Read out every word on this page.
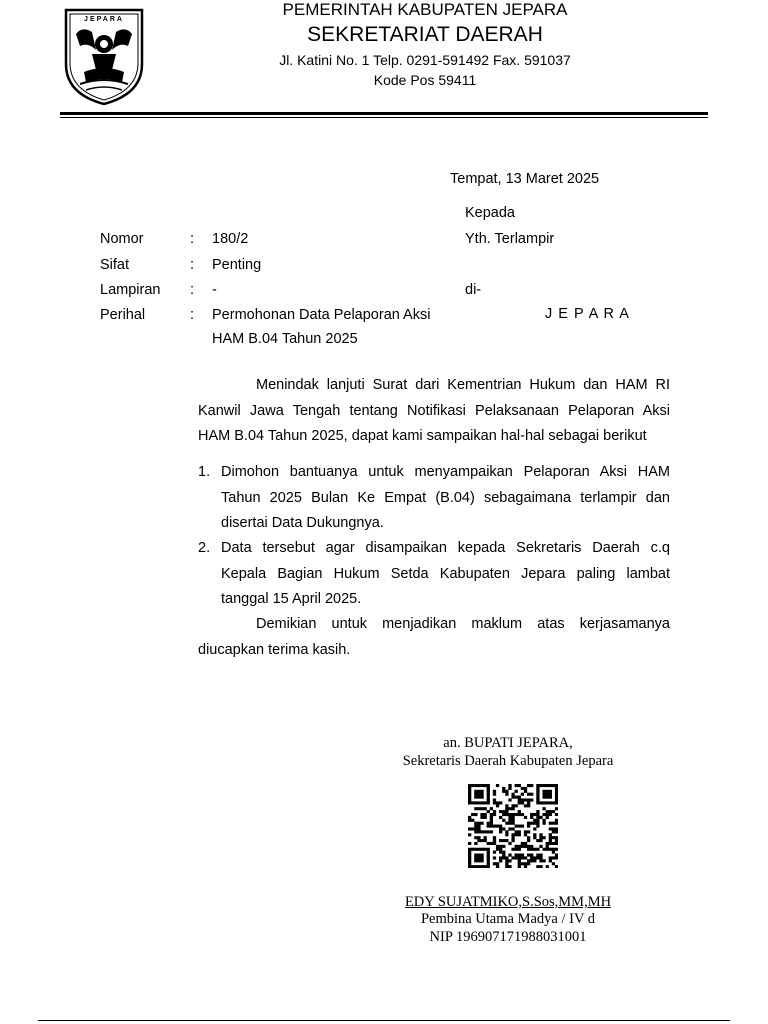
JEPARA
PEMERINTAH KABUPATEN JEPARA
SEKRETARIAT DAERAH
Jl. Katini No. 1 Telp. 0291-591492 Fax. 591037
Kode Pos 59411
Tempat, 13 Maret 2025
Kepada
Yth. Terlampir
di-
J E P A R A
Nomor	: 180/2
Sifat	: Penting
Lampiran : -
Perihal	: Permohonan Data Pelaporan Aksi
HAM B.04 Tahun 2025
Menindak lanjuti Surat dari Kementrian Hukum dan HAM RI
Kanwil Jawa Tengah tentang Notifikasi Pelaksanaan Pelaporan Aksi
HAM B.04 Tahun 2025, dapat kami sampaikan hal-hal sebagai berikut
1. Dimohon bantuanya untuk menyampaikan Pelaporan Aksi HAM
Tahun 2025 Bulan Ke Empat (B.04) sebagaimana terlampir dan
disertai Data Dukungnya.
2. Data tersebut agar disampaikan kepada Sekretaris Daerah c.q
Kepala Bagian Hukum Setda Kabupaten Jepara paling lambat
tanggal 15 April 2025.
Demikian untuk menjadikan maklum atas kerjasamanya
diucapkan terima kasih.
an. BUPATI JEPARA,
Sekretaris Daerah Kabupaten Jepara
EDY SUJATMIKO,S.Sos,MM,MH
Pembina Utama Madya / IV d
NIP 196907171988031001
